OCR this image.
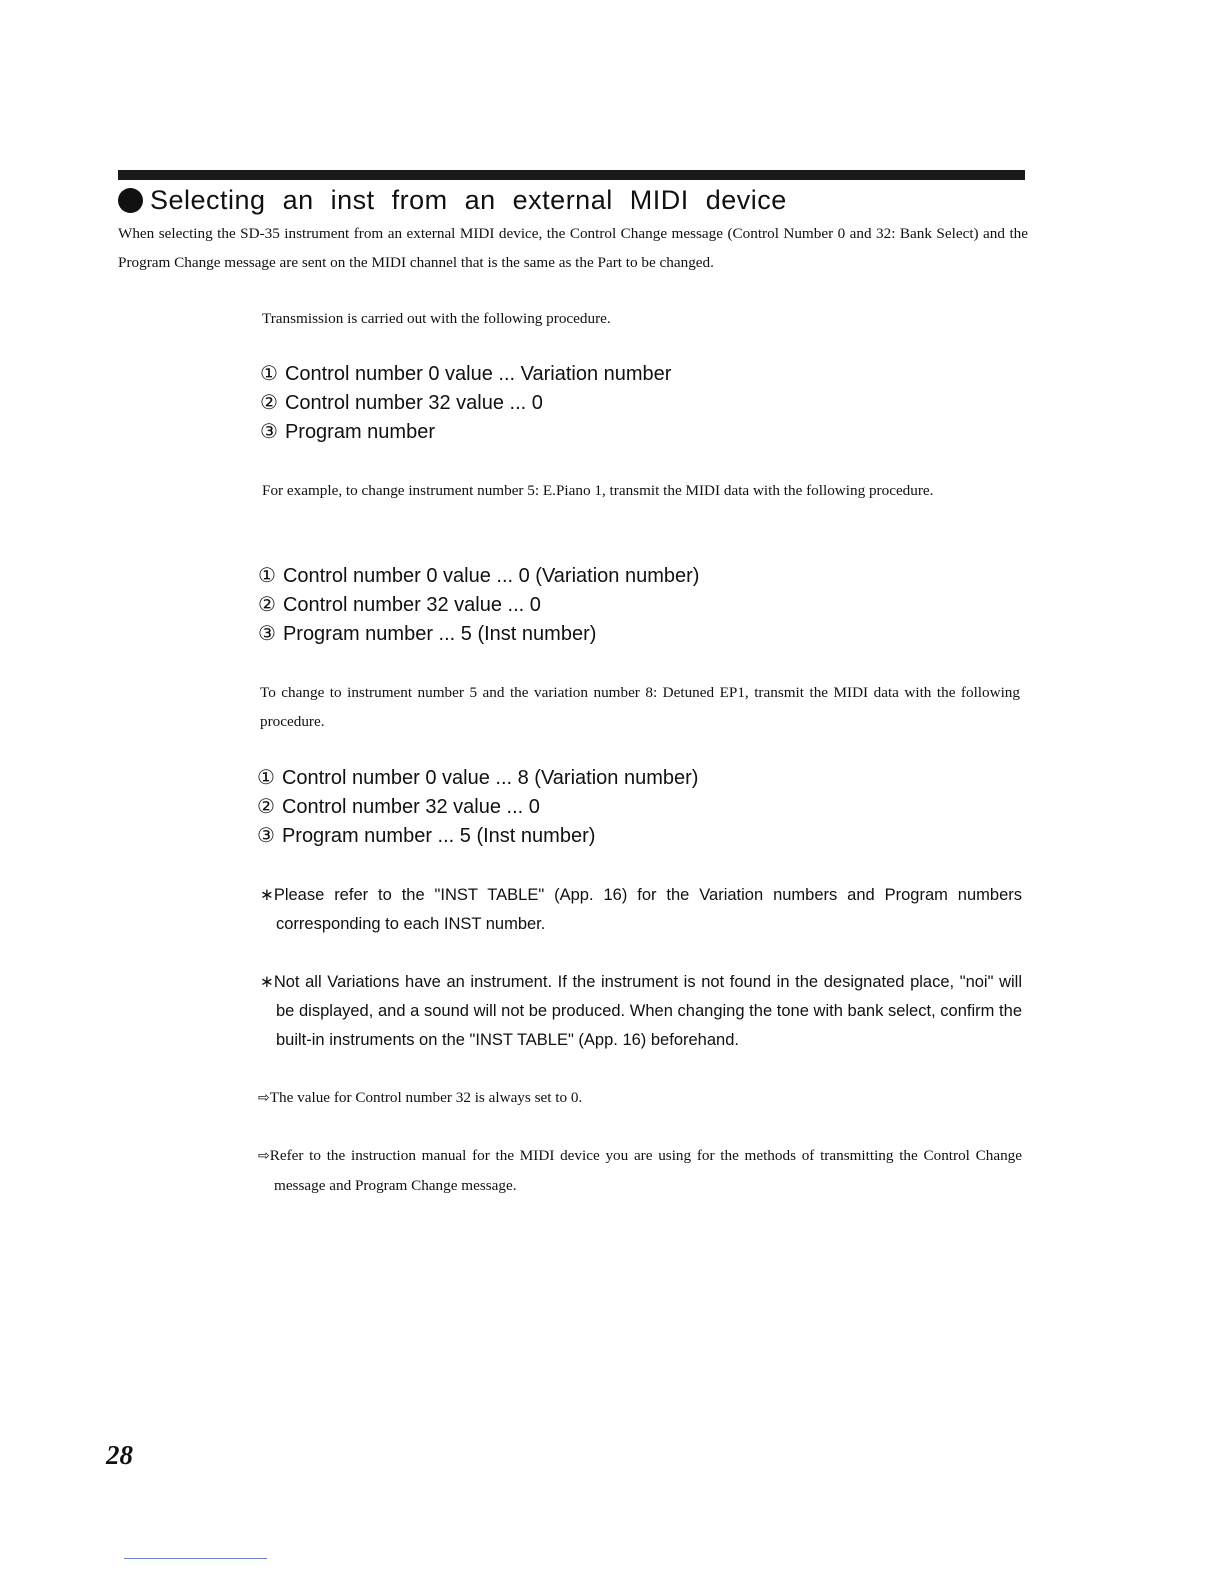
Selecting an inst from an external MIDI device

When selecting the SD-35 instrument from an external MIDI device, the Control Change message (Control Number 0 and 32: Bank Select) and the Program Change message are sent on the MIDI channel that is the same as the Part to be changed.

Transmission is carried out with the following procedure.

① Control number 0 value ... Variation number
② Control number 32 value ... 0
③ Program number

For example, to change instrument number 5: E.Piano 1, transmit the MIDI data with the following procedure.

① Control number 0 value ... 0 (Variation number)
② Control number 32 value ... 0
③ Program number ... 5 (Inst number)

To change to instrument number 5 and the variation number 8: Detuned EP1, transmit the MIDI data with the following procedure.

① Control number 0 value ... 8 (Variation number)
② Control number 32 value ... 0
③ Program number ... 5 (Inst number)

∗Please refer to the "INST TABLE" (App. 16) for the Variation numbers and Program numbers corresponding to each INST number.

∗Not all Variations have an instrument. If the instrument is not found in the designated place, "noi" will be displayed, and a sound will not be produced. When changing the tone with bank select, confirm the built-in instruments on the "INST TABLE" (App. 16) beforehand.

⇨The value for Control number 32 is always set to 0.

⇨Refer to the instruction manual for the MIDI device you are using for the methods of transmitting the Control Change message and Program Change message.

28
